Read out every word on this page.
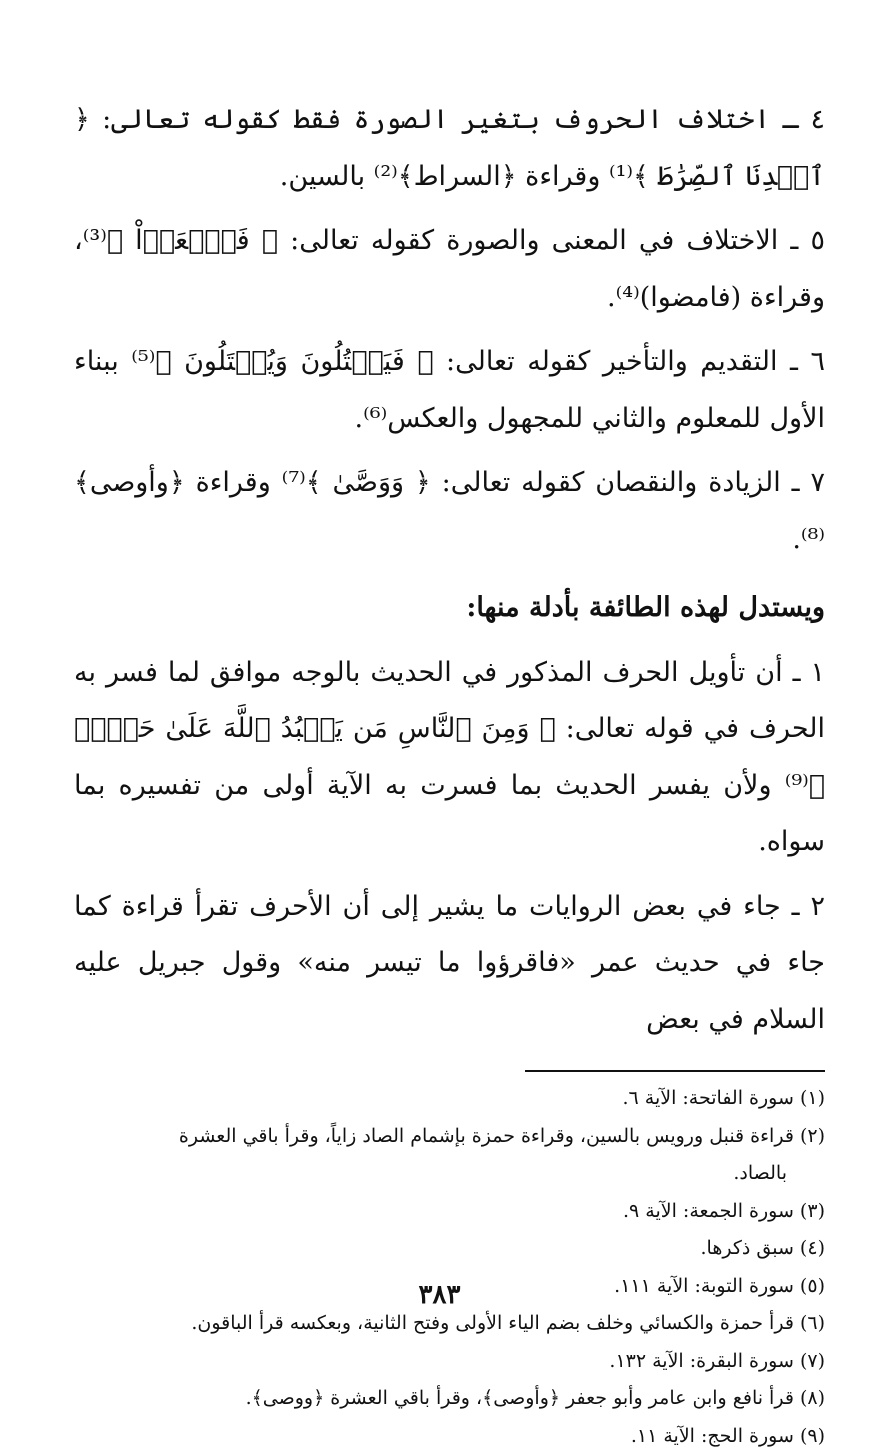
٤ ـ اختلاف الحروف بتغير الصورة فقط كقوله تعالى: ﴿ ٱهۡدِنَا ٱلصِّرَٰطَ ﴾⁽¹⁾ وقراءة ﴿السراط﴾⁽²⁾ بالسين.

٥ ـ الاختلاف في المعنى والصورة كقوله تعالى: ﴿ فَٱسۡعَوۡاْ ﴾⁽³⁾، وقراءة (فامضوا)⁽⁴⁾.

٦ ـ التقديم والتأخير كقوله تعالى: ﴿ فَيَقۡتُلُونَ وَيُقۡتَلُونَ ﴾⁽⁵⁾ ببناء الأول للمعلوم والثاني للمجهول والعكس⁽⁶⁾.

٧ ـ الزيادة والنقصان كقوله تعالى: ﴿ وَوَصَّىٰ ﴾⁽⁷⁾ وقراءة ﴿وأوصى﴾⁽⁸⁾.

ويستدل لهذه الطائفة بأدلة منها:

١ ـ أن تأويل الحرف المذكور في الحديث بالوجه موافق لما فسر به الحرف في قوله تعالى: ﴿ وَمِنَ ٱلنَّاسِ مَن يَعۡبُدُ ٱللَّهَ عَلَىٰ حَرۡفٖ ﴾⁽⁹⁾ ولأن يفسر الحديث بما فسرت به الآية أولى من تفسيره بما سواه.

٢ ـ جاء في بعض الروايات ما يشير إلى أن الأحرف تقرأ قراءة كما جاء في حديث عمر «فاقرؤوا ما تيسر منه» وقول جبريل عليه السلام في بعض

(١) سورة الفاتحة: الآية ٦.

(٢) قراءة قنبل ورويس بالسين، وقراءة حمزة بإشمام الصاد زاياً، وقرأ باقي العشرة

بالصاد.

(٣) سورة الجمعة: الآية ٩.

(٤) سبق ذكرها.

(٥) سورة التوبة: الآية ١١١.

(٦) قرأ حمزة والكسائي وخلف بضم الياء الأولى وفتح الثانية، وبعكسه قرأ الباقون.

(٧) سورة البقرة: الآية ١٣٢.

(٨) قرأ نافع وابن عامر وأبو جعفر ﴿وأوصى﴾، وقرأ باقي العشرة ﴿ووصى﴾.

(٩) سورة الحج: الآية ١١.

٣٨٣
